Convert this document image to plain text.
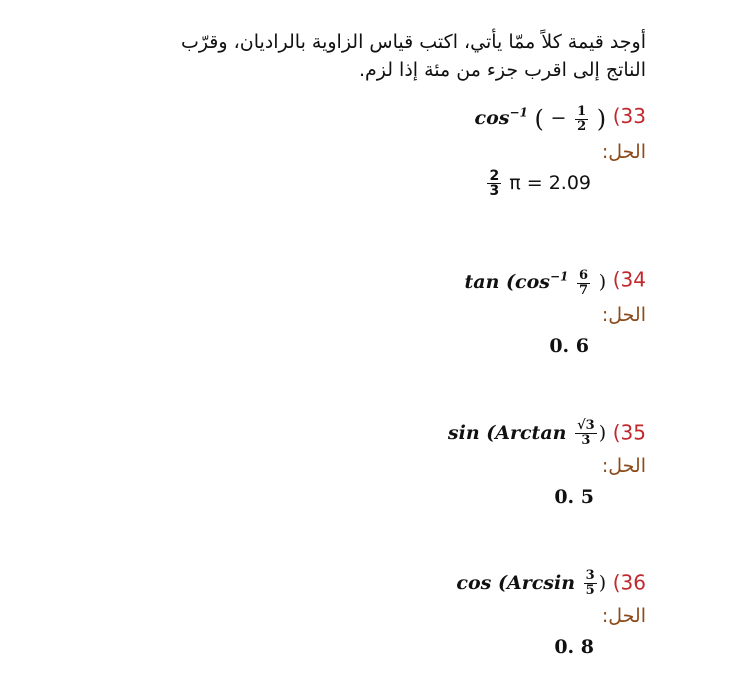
أوجد قيمة كلاً ممّا يأتي، اكتب قياس الزاوية بالراديان، وقرّب
الناتج إلى اقرب جزء من مئة إذا لزم.
$\cos^{-1}$ ( − $\frac{1}{2}$ ) (33
الحل:
$\frac{2}{3}$ π = 2.09
$\tan (\cos^{-1} \frac{6}{7}$ ) (34
الحل:
0. 6
$\sin (Arctan \frac{√3}{3}$ ) (35
الحل:
0. 5
$\cos (Arcsin \frac{3}{5}$ ) (36
الحل:
0. 8
